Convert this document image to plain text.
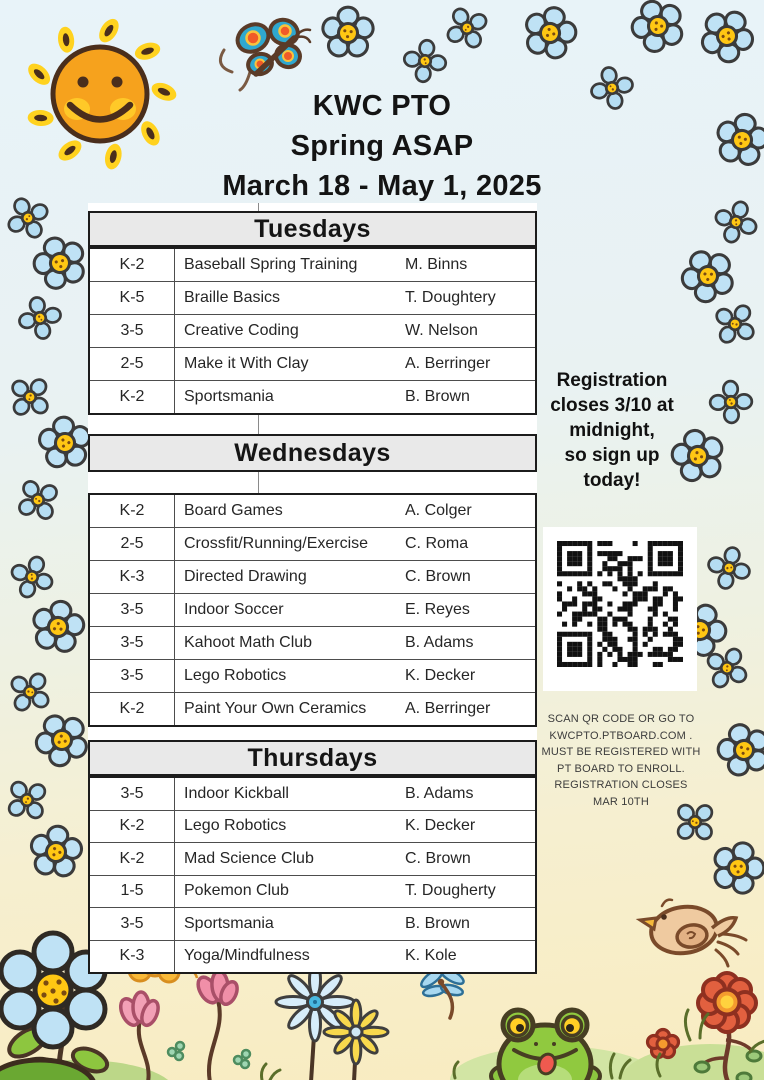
KWC PTO
Spring ASAP
March 18 - May 1, 2025
Tuesdays
K-2	Baseball Spring Training	M. Binns
K-5	Braille Basics	T. Doughtery
3-5	Creative Coding	W. Nelson
2-5	Make it With Clay	A. Berringer
K-2	Sportsmania	B. Brown
Wednesdays
K-2	Board Games	A. Colger
2-5	Crossfit/Running/Exercise	C. Roma
K-3	Directed Drawing	C. Brown
3-5	Indoor Soccer	E. Reyes
3-5	Kahoot Math Club	B. Adams
3-5	Lego Robotics	K. Decker
K-2	Paint Your Own Ceramics	A. Berringer
Thursdays
3-5	Indoor Kickball	B. Adams
K-2	Lego Robotics	K. Decker
K-2	Mad Science Club	C. Brown
1-5	Pokemon Club	T. Dougherty
3-5	Sportsmania	B. Brown
K-3	Yoga/Mindfulness	K. Kole
Registration
closes 3/10 at
midnight,
so sign up
today!
SCAN QR CODE OR GO TO
KWCPTO.PTBOARD.COM .
MUST BE REGISTERED WITH
PT BOARD TO ENROLL.
REGISTRATION CLOSES
MAR 10TH
